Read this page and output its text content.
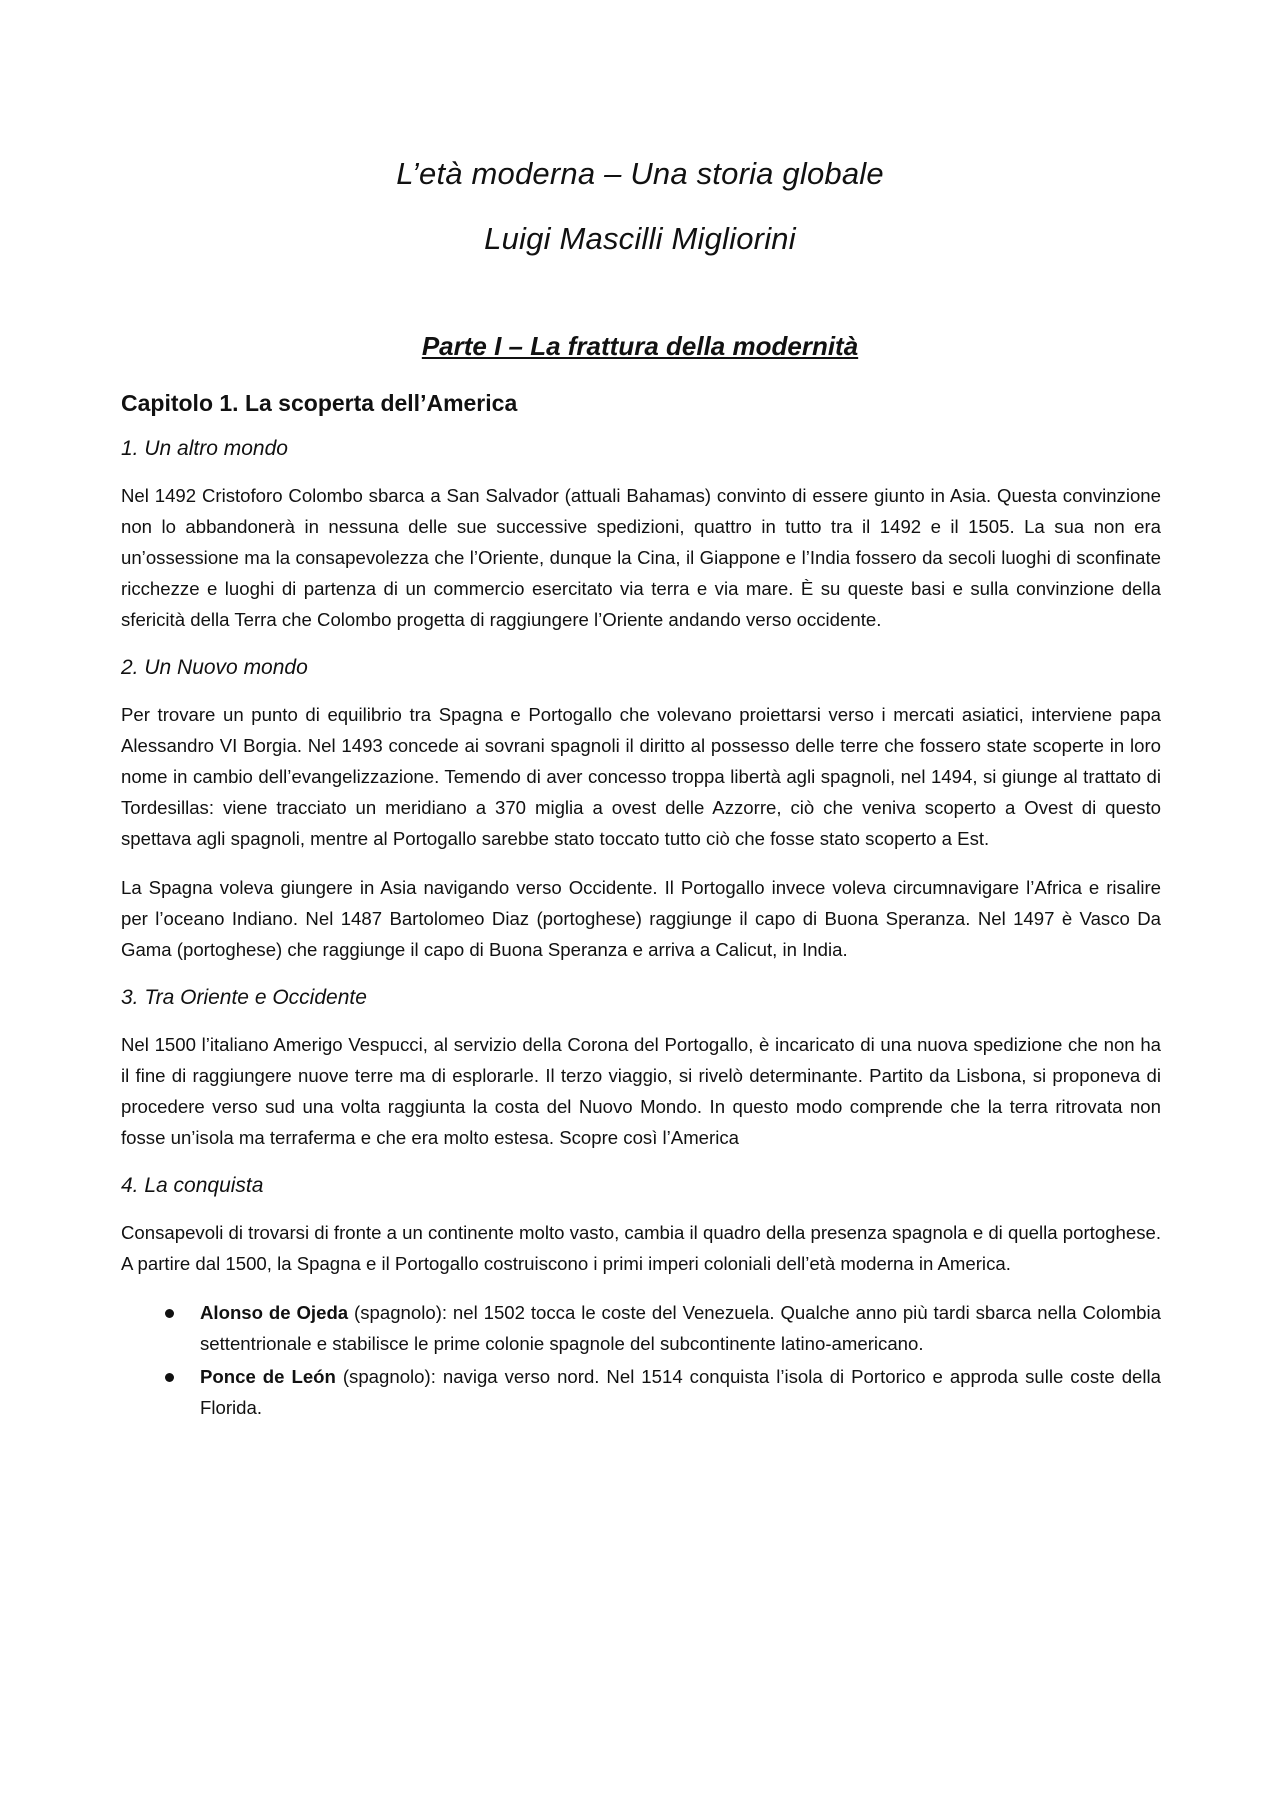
L’età moderna – Una storia globale
Luigi Mascilli Migliorini
Parte I – La frattura della modernità
Capitolo 1. La scoperta dell’America
1. Un altro mondo

Nel 1492 Cristoforo Colombo sbarca a San Salvador (attuali Bahamas) convinto di essere giunto in Asia. Questa convinzione non lo abbandonerà in nessuna delle sue successive spedizioni, quattro in tutto tra il 1492 e il 1505. La sua non era un’ossessione ma la consapevolezza che l’Oriente, dunque la Cina, il Giappone e l’India fossero da secoli luoghi di sconfinate ricchezze e luoghi di partenza di un commercio esercitato via terra e via mare. È su queste basi e sulla convinzione della sfericità della Terra che Colombo progetta di raggiungere l’Oriente andando verso occidente.

2. Un Nuovo mondo

Per trovare un punto di equilibrio tra Spagna e Portogallo che volevano proiettarsi verso i mercati asiatici, interviene papa Alessandro VI Borgia. Nel 1493 concede ai sovrani spagnoli il diritto al possesso delle terre che fossero state scoperte in loro nome in cambio dell’evangelizzazione. Temendo di aver concesso troppa libertà agli spagnoli, nel 1494, si giunge al trattato di Tordesillas: viene tracciato un meridiano a 370 miglia a ovest delle Azzorre, ciò che veniva scoperto a Ovest di questo spettava agli spagnoli, mentre al Portogallo sarebbe stato toccato tutto ciò che fosse stato scoperto a Est.

La Spagna voleva giungere in Asia navigando verso Occidente. Il Portogallo invece voleva circumnavigare l’Africa e risalire per l’oceano Indiano. Nel 1487 Bartolomeo Diaz (portoghese) raggiunge il capo di Buona Speranza. Nel 1497 è Vasco Da Gama (portoghese) che raggiunge il capo di Buona Speranza e arriva a Calicut, in India.

3. Tra Oriente e Occidente

Nel 1500 l’italiano Amerigo Vespucci, al servizio della Corona del Portogallo, è incaricato di una nuova spedizione che non ha il fine di raggiungere nuove terre ma di esplorarle. Il terzo viaggio, si rivelò determinante. Partito da Lisbona, si proponeva di procedere verso sud una volta raggiunta la costa del Nuovo Mondo. In questo modo comprende che la terra ritrovata non fosse un’isola ma terraferma e che era molto estesa. Scopre così l’America

4. La conquista

Consapevoli di trovarsi di fronte a un continente molto vasto, cambia il quadro della presenza spagnola e di quella portoghese. A partire dal 1500, la Spagna e il Portogallo costruiscono i primi imperi coloniali dell’età moderna in America.

Alonso de Ojeda (spagnolo): nel 1502 tocca le coste del Venezuela. Qualche anno più tardi sbarca nella Colombia settentrionale e stabilisce le prime colonie spagnole del subcontinente latino-americano.
Ponce de León (spagnolo): naviga verso nord. Nel 1514 conquista l’isola di Portorico e approda sulle coste della Florida.
